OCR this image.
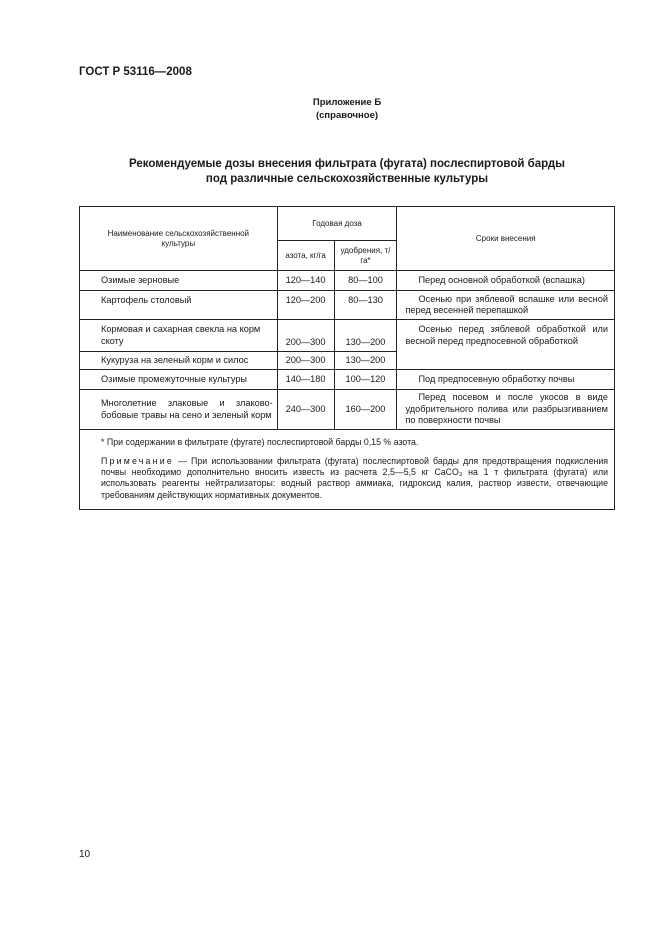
ГОСТ Р 53116—2008
Приложение Б
(справочное)
Рекомендуемые дозы внесения фильтрата (фугата) послеспиртовой барды
под различные сельскохозяйственные культуры
Наименование сельскохозяйственной культуры	Годовая доза		Сроки внесения
	азота, кг/га	удобрения, т/га*	
Озимые зерновые	120—140	80—100	Перед основной обработкой (вспашка)
Картофель столовый	120—200	80—130	Осенью при зяблевой вспашке или весной перед весенней перепашкой
Кормовая и сахарная свекла на корм скоту	200—300	130—200	Осенью перед зяблевой обработкой или весной перед предпосевной обработкой
Кукуруза на зеленый корм и силос	200—300	130—200	
Озимые промежуточные культуры	140—180	100—120	Под предпосевную обработку почвы
Многолетние злаковые и злаково-бобовые травы на сено и зеленый корм	240—300	160—200	Перед посевом и после укосов в виде удобрительного полива или разбрызгиванием по поверхности почвы

* При содержании в фильтрате (фугате) послеспиртовой барды 0,15 % азота.
Примечание — При использовании фильтрата (фугата) послеспиртовой барды для предотвращения подкисления почвы необходимо дополнительно вносить известь из расчета 2,5—5,5 кг CaCO₃ на 1 т фильтрата (фугата) или использовать реагенты нейтрализаторы: водный раствор аммиака, гидроксид калия, раствор извести, отвечающие требованиям действующих нормативных документов.			
10
